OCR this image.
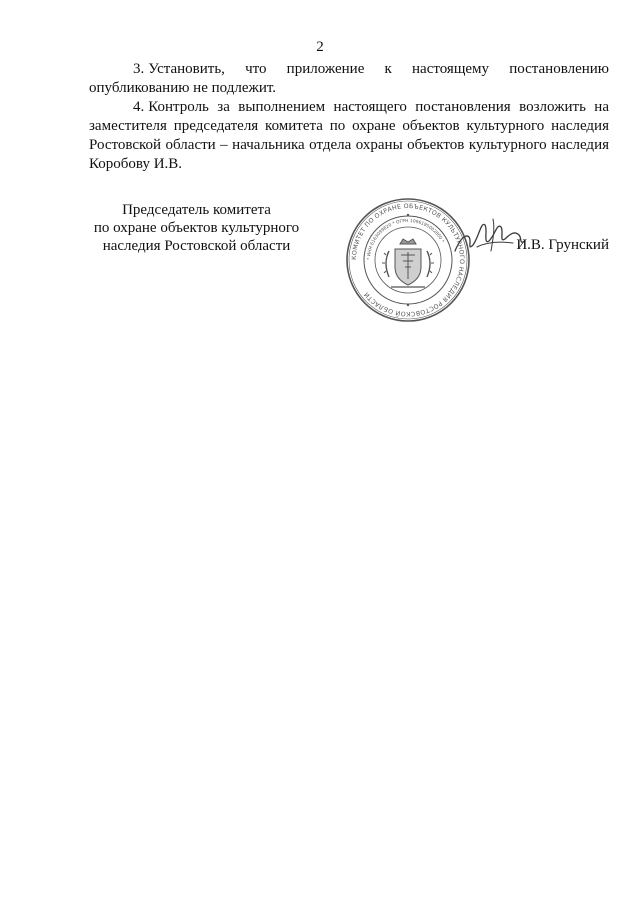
2

3. Установить, что приложение к настоящему постановлению опубликованию не подлежит.

4. Контроль за выполнением настоящего постановления возложить на заместителя председателя комитета по охране объектов культурного наследия Ростовской области – начальника отдела охраны объектов культурного наследия Коробову И.В.

Председатель комитета
по охране объектов культурного
наследия Ростовской области
КОМИТЕТ ПО ОХРАНЕ ОБЪЕКТОВ КУЛЬТУРНОГО НАСЛЕДИЯ РОСТОВСКОЙ ОБЛАСТИ
* ИНН 6163099820 * ОГРН 1096195002800 *	И.В. Грунский
